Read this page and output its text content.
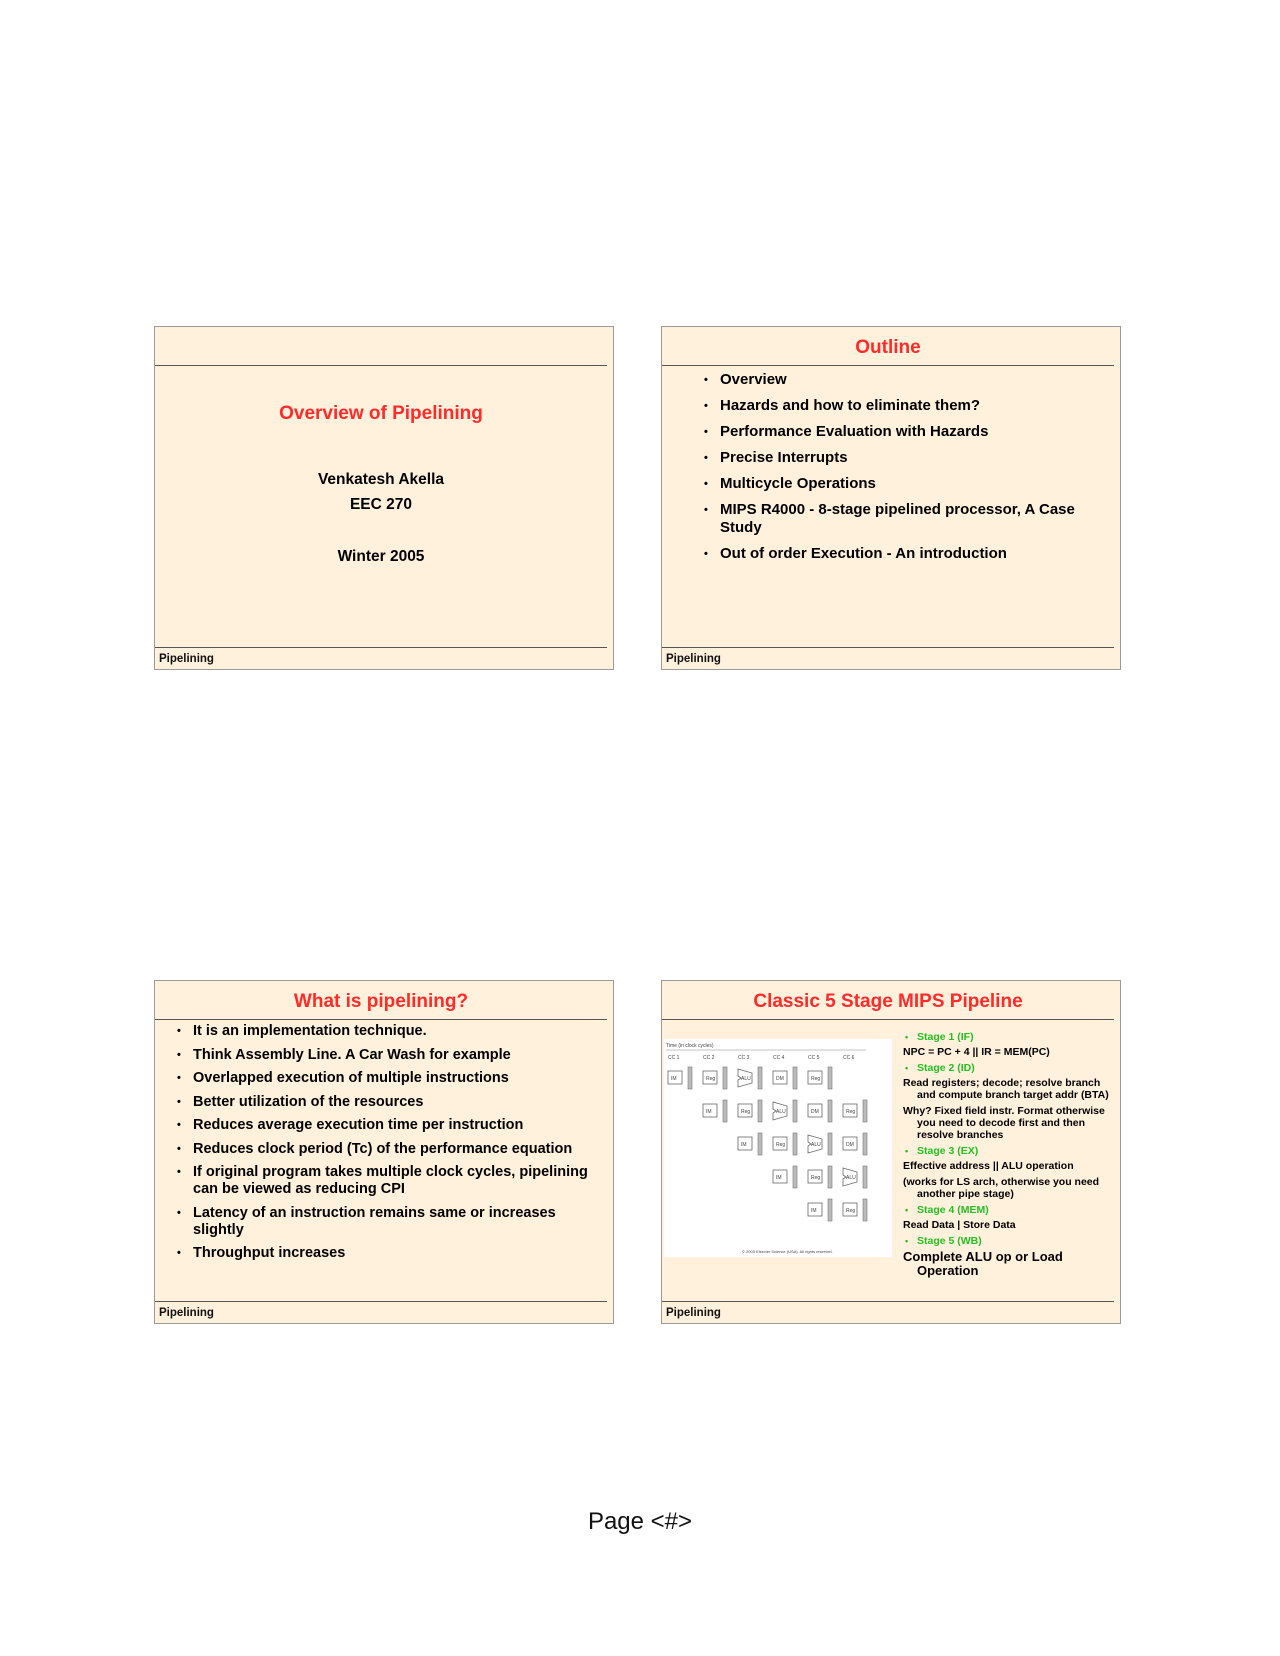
Overview of Pipelining
Venkatesh Akella
EEC 270
Winter 2005
Pipelining
Outline
• Overview
• Hazards and how to eliminate them?
• Performance Evaluation with Hazards
• Precise Interrupts
• Multicycle Operations
• MIPS R4000 - 8-stage pipelined processor, A Case Study
• Out of order Execution - An introduction
Pipelining
What is pipelining?
• It is an implementation technique.
• Think Assembly Line. A Car Wash for example
• Overlapped execution of multiple instructions
• Better utilization of the resources
• Reduces average execution time per instruction
• Reduces clock period (Tc) of the performance equation
• If original program takes multiple clock cycles, pipelining can be viewed as reducing CPI
• Latency of an instruction remains same or increases slightly
• Throughput increases
Pipelining
Classic 5 Stage MIPS Pipeline
Time (in clock cycles)
CC 1	CC 2	CC 3	CC 4	CC 5	CC 6
IM	Reg	ALU	DM	Reg
IM	Reg	ALU	DM	Reg
IM	Reg	ALU	DM
IM	Reg	ALU
IM	Reg
© 2003 Elsevier Science (USA). All rights reserved.
• Stage 1 (IF)
NPC = PC + 4 || IR = MEM(PC)
• Stage 2 (ID)
Read registers; decode; resolve branch and compute branch target addr (BTA)
Why? Fixed field instr. Format otherwise you need to decode first and then resolve branches
• Stage 3 (EX)
Effective address || ALU operation
(works for LS arch, otherwise you need another pipe stage)
• Stage 4 (MEM)
Read Data | Store Data
• Stage 5 (WB)
Complete ALU op or Load Operation
Pipelining
Page <#>
